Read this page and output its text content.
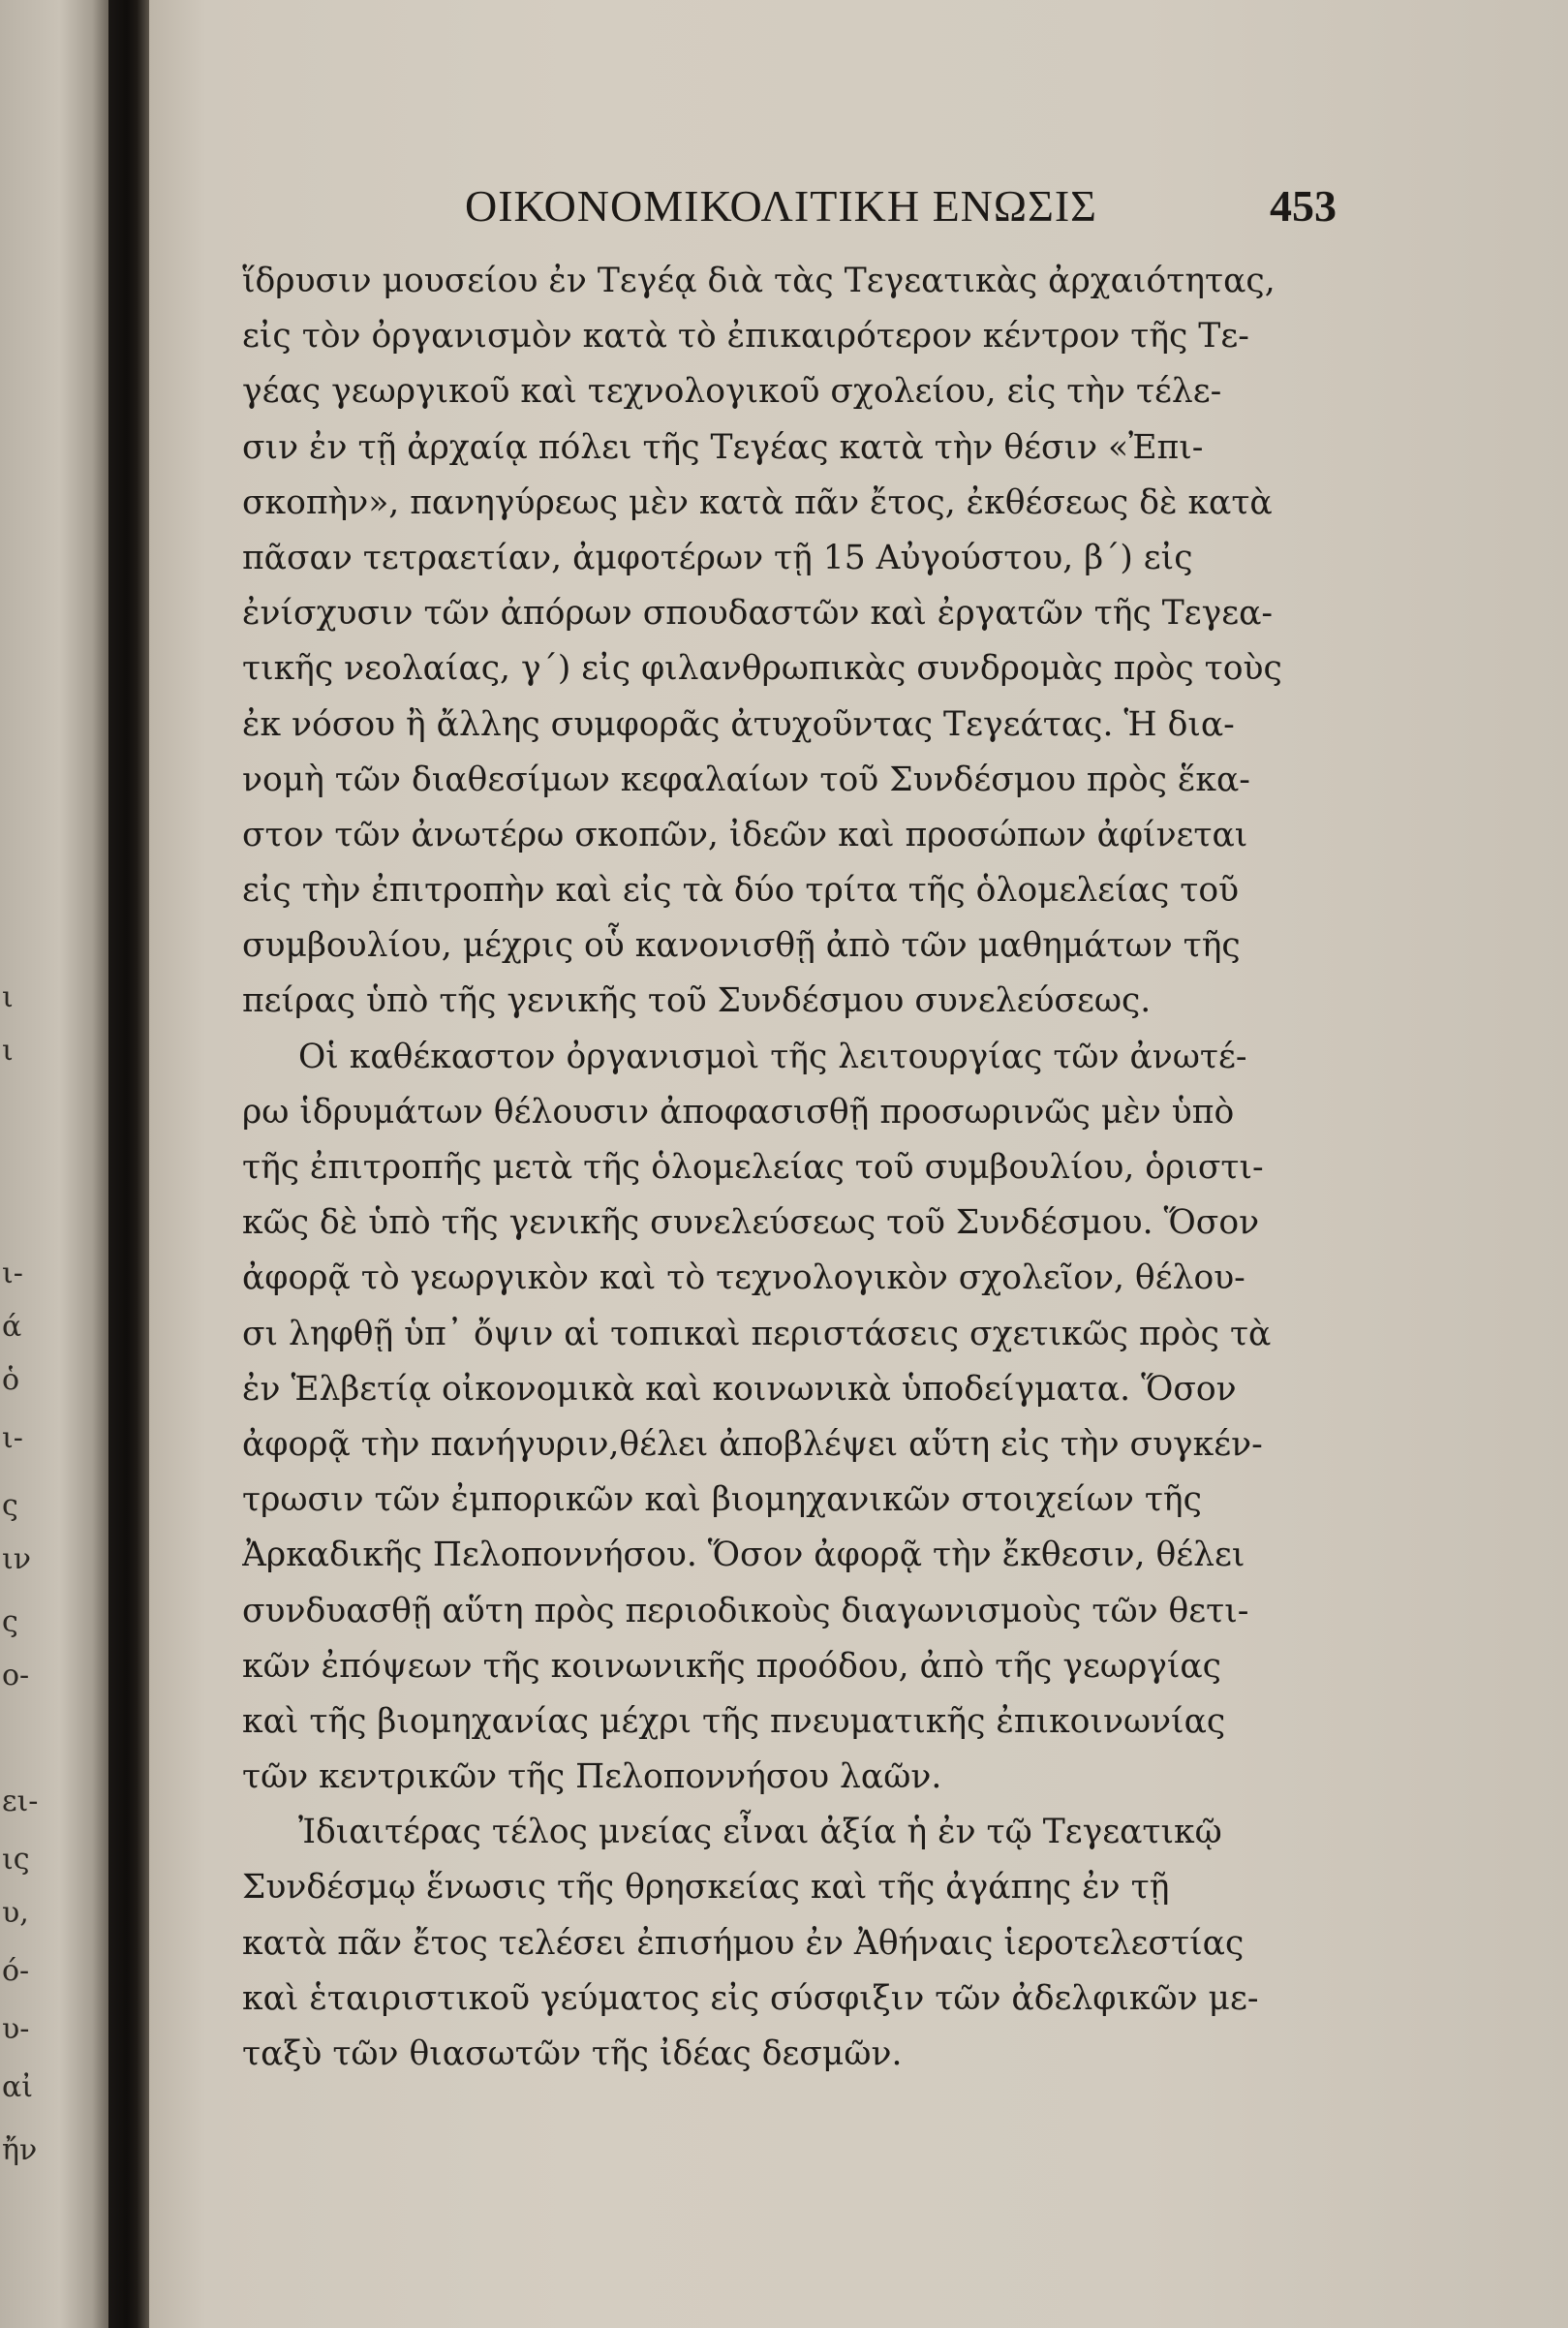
ι
ι
ι-
ά
ὁ
ι-
ς
ιν
ς
ο-
ει-
ις
υ,
ό-
υ-
αἰ
ἤν
ΟΙΚΟΝΟΜΙΚΟΛΙΤΙΚΗ ΕΝΩΣΙΣ	453
ἵδρυσιν μουσείου ἐν Τεγέᾳ διὰ τὰς Τεγεατικὰς ἀρχαιότητας,
εἰς τὸν ὀργανισμὸν κατὰ τὸ ἐπικαιρότερον κέντρον τῆς Τε-
γέας γεωργικοῦ καὶ τεχνολογικοῦ σχολείου, εἰς τὴν τέλε-
σιν ἐν τῇ ἀρχαίᾳ πόλει τῆς Τεγέας κατὰ τὴν θέσιν «Ἐπι-
σκοπὴν», πανηγύρεως μὲν κατὰ πᾶν ἔτος, ἐκθέσεως δὲ κατὰ
πᾶσαν τετραετίαν, ἀμφοτέρων τῇ 15 Αὐγούστου, β´) εἰς
ἐνίσχυσιν τῶν ἀπόρων σπουδαστῶν καὶ ἐργατῶν τῆς Τεγεα-
τικῆς νεολαίας, γ´) εἰς φιλανθρωπικὰς συνδρομὰς πρὸς τοὺς
ἐκ νόσου ἢ ἄλλης συμφορᾶς ἀτυχοῦντας Τεγεάτας. Ἡ δια-
νομὴ τῶν διαθεσίμων κεφαλαίων τοῦ Συνδέσμου πρὸς ἕκα-
στον τῶν ἀνωτέρω σκοπῶν, ἰδεῶν καὶ προσώπων ἀφίνεται
εἰς τὴν ἐπιτροπὴν καὶ εἰς τὰ δύο τρίτα τῆς ὁλομελείας τοῦ
συμβουλίου, μέχρις οὗ κανονισθῇ ἀπὸ τῶν μαθημάτων τῆς
πείρας ὑπὸ τῆς γενικῆς τοῦ Συνδέσμου συνελεύσεως.
Οἱ καθέκαστον ὀργανισμοὶ τῆς λειτουργίας τῶν ἀνωτέ-
ρω ἱδρυμάτων θέλουσιν ἀποφασισθῇ προσωρινῶς μὲν ὑπὸ
τῆς ἐπιτροπῆς μετὰ τῆς ὁλομελείας τοῦ συμβουλίου, ὁριστι-
κῶς δὲ ὑπὸ τῆς γενικῆς συνελεύσεως τοῦ Συνδέσμου. Ὅσον
ἀφορᾷ τὸ γεωργικὸν καὶ τὸ τεχνολογικὸν σχολεῖον, θέλου-
σι ληφθῇ ὑπ᾽ ὄψιν αἱ τοπικαὶ περιστάσεις σχετικῶς πρὸς τὰ
ἐν Ἑλβετίᾳ οἰκονομικὰ καὶ κοινωνικὰ ὑποδείγματα. Ὅσον
ἀφορᾷ τὴν πανήγυριν,θέλει ἀποβλέψει αὕτη εἰς τὴν συγκέν-
τρωσιν τῶν ἐμπορικῶν καὶ βιομηχανικῶν στοιχείων τῆς
Ἀρκαδικῆς Πελοποννήσου. Ὅσον ἀφορᾷ τὴν ἔκθεσιν, θέλει
συνδυασθῇ αὕτη πρὸς περιοδικοὺς διαγωνισμοὺς τῶν θετι-
κῶν ἐπόψεων τῆς κοινωνικῆς προόδου, ἀπὸ τῆς γεωργίας
καὶ τῆς βιομηχανίας μέχρι τῆς πνευματικῆς ἐπικοινωνίας
τῶν κεντρικῶν τῆς Πελοποννήσου λαῶν.
Ἰδιαιτέρας τέλος μνείας εἶναι ἀξία ἡ ἐν τῷ Τεγεατικῷ
Συνδέσμῳ ἕνωσις τῆς θρησκείας καὶ τῆς ἀγάπης ἐν τῇ
κατὰ πᾶν ἔτος τελέσει ἐπισήμου ἐν Ἀθήναις ἱεροτελεστίας
καὶ ἑταιριστικοῦ γεύματος εἰς σύσφιξιν τῶν ἀδελφικῶν με-
ταξὺ τῶν θιασωτῶν τῆς ἰδέας δεσμῶν.
